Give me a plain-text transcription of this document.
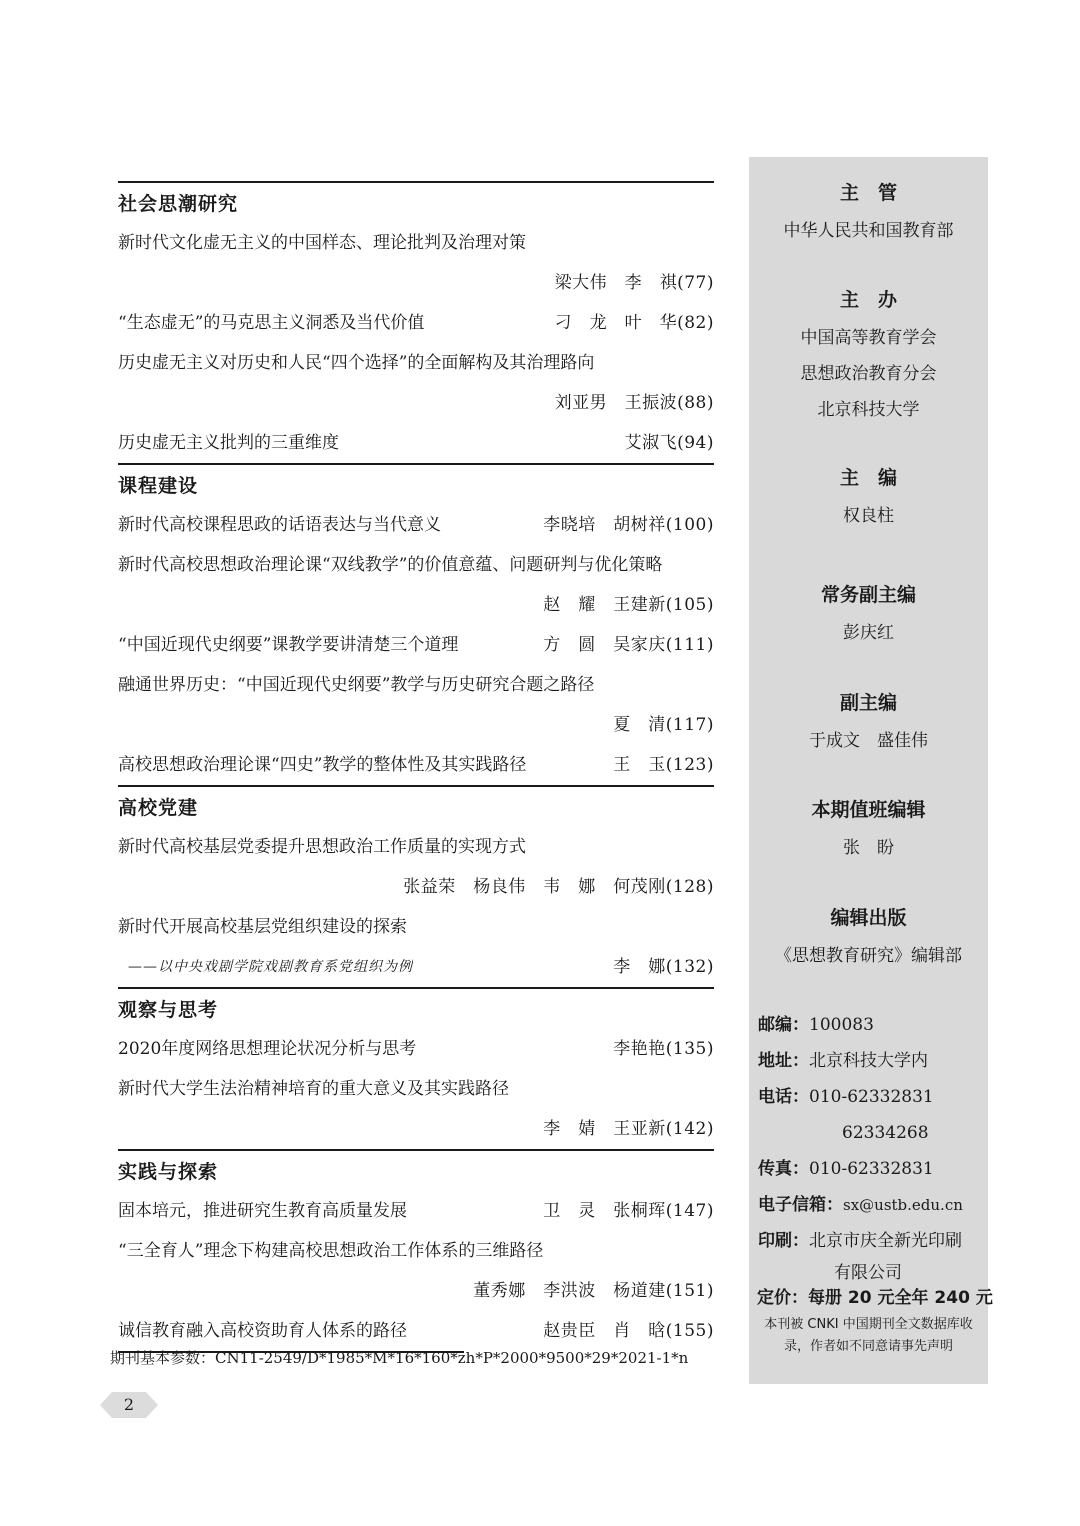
社会思潮研究
新时代文化虚无主义的中国样态、理论批判及治理对策
梁大伟　李　祺(77)
“生态虚无”的马克思主义洞悉及当代价值	刁　龙　叶　华(82)
历史虚无主义对历史和人民“四个选择”的全面解构及其治理路向
刘亚男　王振波(88)
历史虚无主义批判的三重维度	艾淑飞(94)
课程建设
新时代高校课程思政的话语表达与当代意义	李晓培　胡树祥(100)
新时代高校思想政治理论课“双线教学”的价值意蕴、问题研判与优化策略
赵　耀　王建新(105)
“中国近现代史纲要”课教学要讲清楚三个道理	方　圆　吴家庆(111)
融通世界历史：“中国近现代史纲要”教学与历史研究合题之路径
夏　清(117)
高校思想政治理论课“四史”教学的整体性及其实践路径	王　玉(123)
高校党建
新时代高校基层党委提升思想政治工作质量的实现方式
张益荣　杨良伟　韦　娜　何茂刚(128)
新时代开展高校基层党组织建设的探索
——以中央戏剧学院戏剧教育系党组织为例	李　娜(132)
观察与思考
2020年度网络思想理论状况分析与思考	李艳艳(135)
新时代大学生法治精神培育的重大意义及其实践路径
李　婧　王亚新(142)
实践与探索
固本培元，推进研究生教育高质量发展	卫　灵　张桐珲(147)
“三全育人”理念下构建高校思想政治工作体系的三维路径
董秀娜　李洪波　杨道建(151)
诚信教育融入高校资助育人体系的路径	赵贵臣　肖　晗(155)
期刊基本参数：CN11-2549/D*1985*M*16*160*zh*P*2000*9500*29*2021-1*n
2
主　管
中华人民共和国教育部
主　办
中国高等教育学会
思想政治教育分会
北京科技大学
主　编
权良柱
常务副主编
彭庆红
副主编
于成文　盛佳伟
本期值班编辑
张　盼
编辑出版
《思想教育研究》编辑部
邮编：100083
地址：北京科技大学内
电话：010-62332831
62334268
传真：010-62332831
电子信箱：sx@ustb.edu.cn
印刷：北京市庆全新光印刷
有限公司
定价：每册 20 元全年 240 元
本刊被 CNKI 中国期刊全文数据库收
录，作者如不同意请事先声明
